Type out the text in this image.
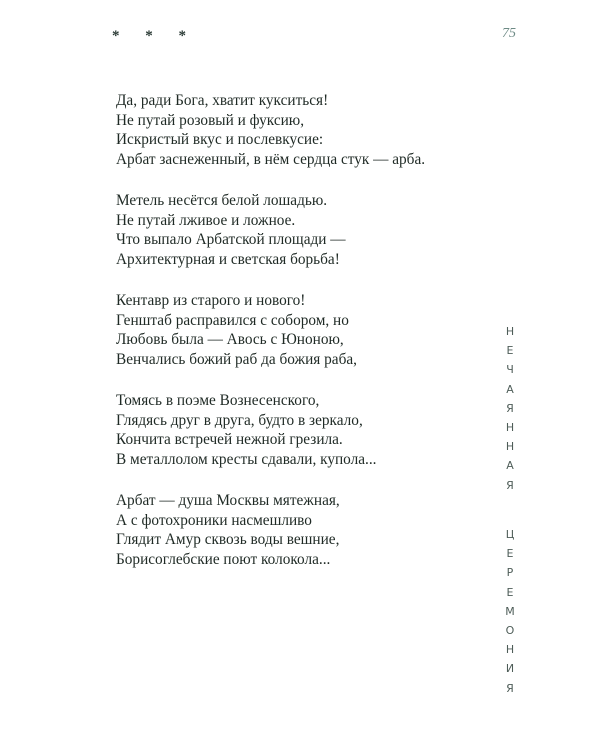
* * *	75
Да, ради Бога, хватит кукситься!
Не путай розовый и фуксию,
Искристый вкус и послевкусие:
Арбат заснеженный, в нём сердца стук — арба.
Метель несётся белой лошадью.
Не путай лживое и ложное.
Что выпало Арбатской площади —
Архитектурная и светская борьба!
Кентавр из старого и нового!
Генштаб расправился с собором, но
Любовь была — Авось с Юноною,
Венчались божий раб да божия раба,
Томясь в поэме Вознесенского,
Глядясь друг в друга, будто в зеркало,
Кончита встречей нежной грезила.
В металлолом кресты сдавали, купола...
Арбат — душа Москвы мятежная,
А с фотохроники насмешливо
Глядит Амур сквозь воды вешние,
Борисоглебские поют колокола...
Н
Е
Ч
А
Я
Н
Н
А
Я
Ц
Е
Р
Е
М
О
Н
И
Я
